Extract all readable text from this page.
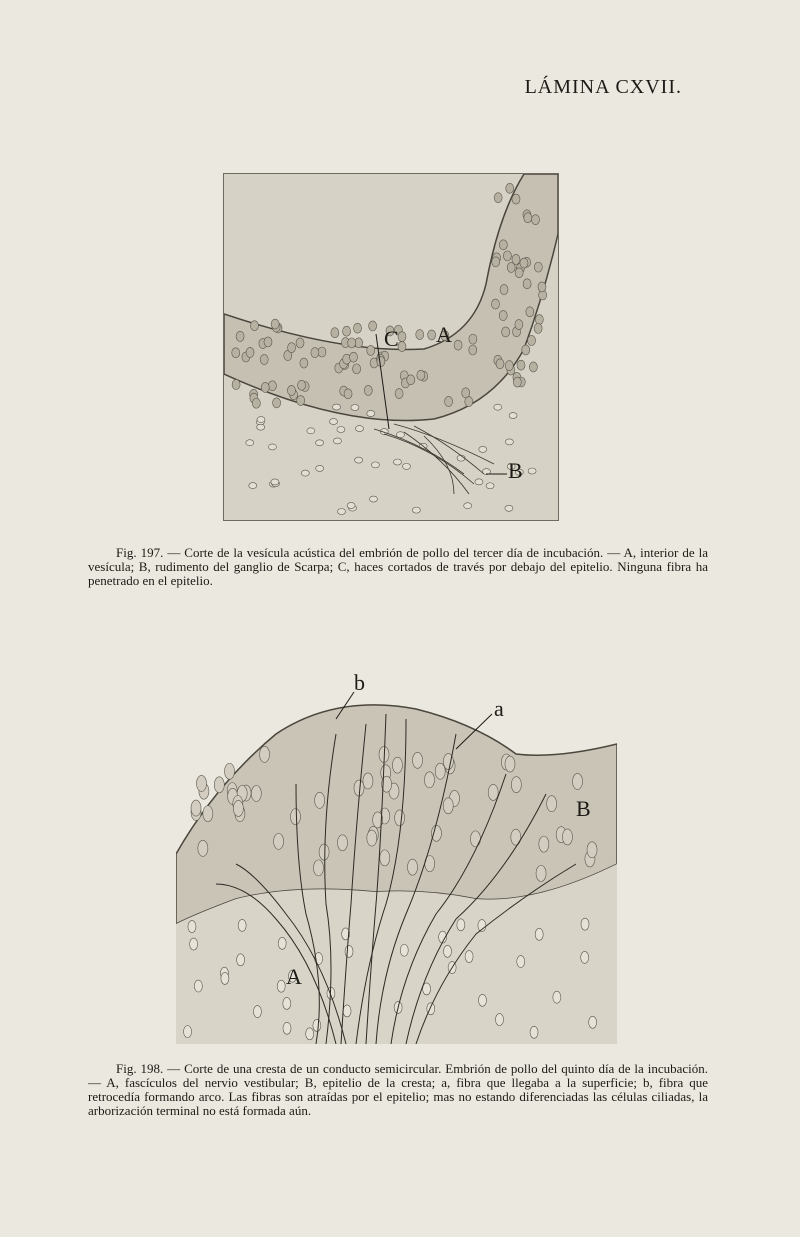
LÁMINA CXVII.
C A
B
Fig. 197. — Corte de la vesícula acústica del embrión de pollo del tercer día de incubación. — A, interior de la vesícula; B, rudimento del ganglio de Scarpa; C, haces cortados de través por debajo del epitelio. Ninguna fibra ha penetrado en el epitelio.
b
a
B
A
Fig. 198. — Corte de una cresta de un conducto semicircular. Embrión de pollo del quinto día de la incubación. — A, fascículos del nervio vestibular; B, epitelio de la cresta; a, fibra que llegaba a la superficie; b, fibra que retrocedía formando arco. Las fibras son atraídas por el epitelio; mas no estando diferenciadas las células ciliadas, la arborización terminal no está formada aún.
